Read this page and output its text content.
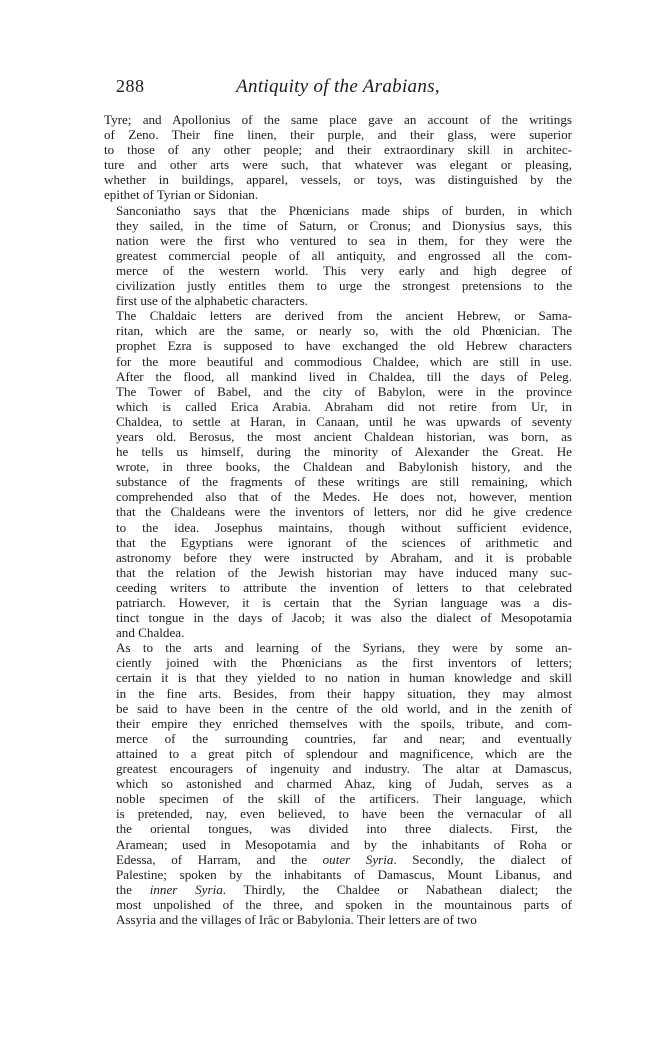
288	Antiquity of the Arabians,
Tyre; and Apollonius of the same place gave an account of the writings
of Zeno. Their fine linen, their purple, and their glass, were superior
to those of any other people; and their extraordinary skill in architec-
ture and other arts were such, that whatever was elegant or pleasing,
whether in buildings, apparel, vessels, or toys, was distinguished by the
epithet of Tyrian or Sidonian.
Sanconiatho says that the Phœnicians made ships of burden, in which
they sailed, in the time of Saturn, or Cronus; and Dionysius says, this
nation were the first who ventured to sea in them, for they were the
greatest commercial people of all antiquity, and engrossed all the com-
merce of the western world. This very early and high degree of
civilization justly entitles them to urge the strongest pretensions to the
first use of the alphabetic characters.
The Chaldaic letters are derived from the ancient Hebrew, or Sama-
ritan, which are the same, or nearly so, with the old Phœnician. The
prophet Ezra is supposed to have exchanged the old Hebrew characters
for the more beautiful and commodious Chaldee, which are still in use.
After the flood, all mankind lived in Chaldea, till the days of Peleg.
The Tower of Babel, and the city of Babylon, were in the province
which is called Erica Arabia. Abraham did not retire from Ur, in
Chaldea, to settle at Haran, in Canaan, until he was upwards of seventy
years old. Berosus, the most ancient Chaldean historian, was born, as
he tells us himself, during the minority of Alexander the Great. He
wrote, in three books, the Chaldean and Babylonish history, and the
substance of the fragments of these writings are still remaining, which
comprehended also that of the Medes. He does not, however, mention
that the Chaldeans were the inventors of letters, nor did he give credence
to the idea. Josephus maintains, though without sufficient evidence,
that the Egyptians were ignorant of the sciences of arithmetic and
astronomy before they were instructed by Abraham, and it is probable
that the relation of the Jewish historian may have induced many suc-
ceeding writers to attribute the invention of letters to that celebrated
patriarch. However, it is certain that the Syrian language was a dis-
tinct tongue in the days of Jacob; it was also the dialect of Mesopotamia
and Chaldea.
As to the arts and learning of the Syrians, they were by some an-
ciently joined with the Phœnicians as the first inventors of letters;
certain it is that they yielded to no nation in human knowledge and skill
in the fine arts. Besides, from their happy situation, they may almost
be said to have been in the centre of the old world, and in the zenith of
their empire they enriched themselves with the spoils, tribute, and com-
merce of the surrounding countries, far and near; and eventually
attained to a great pitch of splendour and magnificence, which are the
greatest encouragers of ingenuity and industry. The altar at Damascus,
which so astonished and charmed Ahaz, king of Judah, serves as a
noble specimen of the skill of the artificers. Their language, which
is pretended, nay, even believed, to have been the vernacular of all
the oriental tongues, was divided into three dialects. First, the
Aramean; used in Mesopotamia and by the inhabitants of Roha or
Edessa, of Harram, and the outer Syria. Secondly, the dialect of
Palestine; spoken by the inhabitants of Damascus, Mount Libanus, and
the inner Syria. Thirdly, the Chaldee or Nabathean dialect; the
most unpolished of the three, and spoken in the mountainous parts of
Assyria and the villages of Irâc or Babylonia. Their letters are of two
